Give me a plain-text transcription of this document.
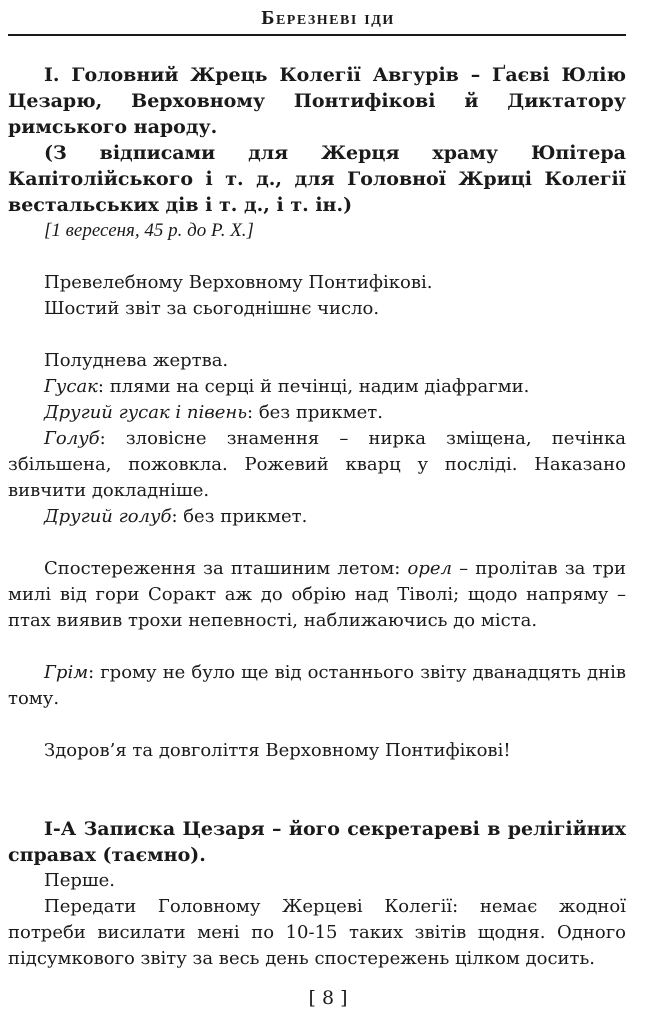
Березневі іди

I. Головний Жрець Колегії Авгурів – Ґаєві Юлію Цезарю, Верховному Понтифікові й Диктатору римського народу.

(З відписами для Жерця храму Юпітера Капітолійського і т. д., для Головної Жриці Колегії вестальських дів і т. д., і т. ін.)

[1 вересеня, 45 р. до Р. Х.]

Превелебному Верховному Понтифікові.

Шостий звіт за сьогоднішнє число.

Полуднева жертва.

Гусак: плями на серці й печінці, надим діафрагми.

Другий гусак і півень: без прикмет.

Голуб: зловісне знамення – нирка зміщена, печінка збільшена, пожовкла. Рожевий кварц у посліді. Наказано вивчити докладніше.

Другий голуб: без прикмет.

Спостереження за пташиним летом: орел – пролітав за три милі від гори Соракт аж до обрію над Тіволі; щодо напряму – птах виявив трохи непевності, наближаючись до міста.

Грім: грому не було ще від останнього звіту дванадцять днів тому.

Здоров’я та довголіття Верховному Понтифікові!

I-А Записка Цезаря – його секретареві в релігійних справах (таємно).

Перше.

Передати Головному Жерцеві Колегії: немає жодної потреби висилати мені по 10-15 таких звітів щодня. Одного підсумкового звіту за весь день спостережень цілком досить.

[ 8 ]
